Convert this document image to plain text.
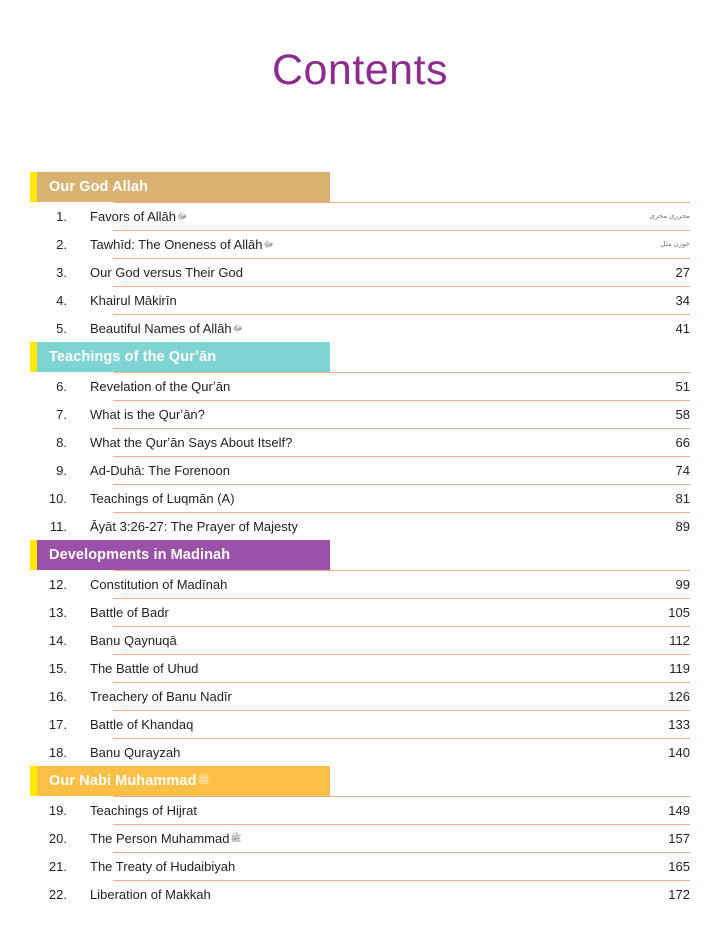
Contents
Our God Allah
1.	Favors of Allāhﷻ	محرری محری
2.	Tawhīd: The Oneness of Allāhﷻ	خوزن مثل
3.	Our God versus Their God	27
4.	Khairul Mākirīn	34
5.	Beautiful Names of Allāhﷻ	41
Teachings of the Qurʼān
6.	Revelation of the Qurʼān	51
7.	What is the Qurʼān?	58
8.	What the Qurʼān Says About Itself?	66
9.	Ad-Duhā: The Forenoon	74
10.	Teachings of Luqmān (A)	81
11.	Āyāt 3:26-27: The Prayer of Majesty	89
Developments in Madinah
12.	Constitution of Madīnah	99
13.	Battle of Badr	105
14.	Banu Qaynuqā	112
15.	The Battle of Uhud	119
16.	Treachery of Banu Nadīr	126
17.	Battle of Khandaq	133
18.	Banu Qurayzah	140
Our Nabi Muhammad ﷺ
19.	Teachings of Hijrat	149
20.	The Person Muhammadﷺ	157
21.	The Treaty of Hudaibiyah	165
22.	Liberation of Makkah	172
